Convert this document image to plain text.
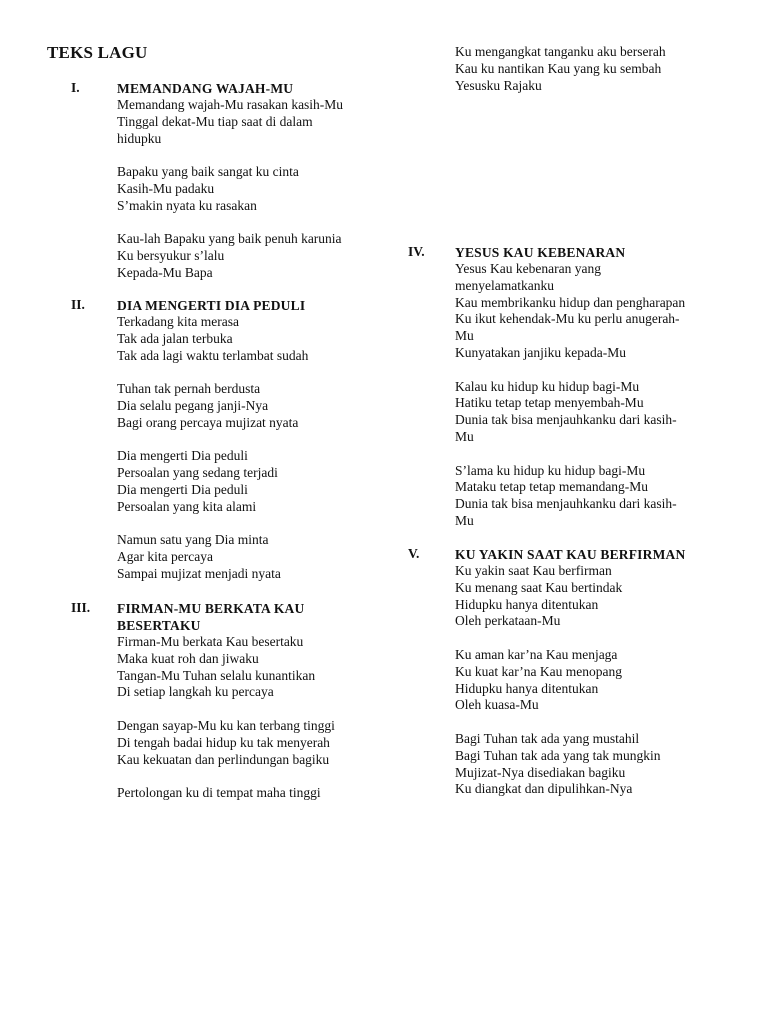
TEKS LAGU
I.	MEMANDANG WAJAH-MU
Memandang wajah-Mu rasakan kasih-Mu
Tinggal dekat-Mu tiap saat di dalam
hidupku
Bapaku yang baik sangat ku cinta
Kasih-Mu padaku
S’makin nyata ku rasakan
Kau-lah Bapaku yang baik penuh karunia
Ku bersyukur s’lalu
Kepada-Mu Bapa
II. DIA MENGERTI DIA PEDULI
Terkadang kita merasa
Tak ada jalan terbuka
Tak ada lagi waktu terlambat sudah
Tuhan tak pernah berdusta
Dia selalu pegang janji-Nya
Bagi orang percaya mujizat nyata
Dia mengerti Dia peduli
Persoalan yang sedang terjadi
Dia mengerti Dia peduli
Persoalan yang kita alami
Namun satu yang Dia minta
Agar kita percaya
Sampai mujizat menjadi nyata
III. FIRMAN-MU BERKATA KAU
BESERTAKU
Firman-Mu berkata Kau besertaku
Maka kuat roh dan jiwaku
Tangan-Mu Tuhan selalu kunantikan
Di setiap langkah ku percaya
Dengan sayap-Mu ku kan terbang tinggi
Di tengah badai hidup ku tak menyerah
Kau kekuatan dan perlindungan bagiku
Pertolongan ku di tempat maha tinggi
Ku mengangkat tanganku aku berserah
Kau ku nantikan Kau yang ku sembah
Yesusku Rajaku
IV. YESUS KAU KEBENARAN
Yesus Kau kebenaran yang
menyelamatkanku
Kau membrikanku hidup dan pengharapan
Ku ikut kehendak-Mu ku perlu anugerah-
Mu
Kunyatakan janjiku kepada-Mu
Kalau ku hidup ku hidup bagi-Mu
Hatiku tetap tetap menyembah-Mu
Dunia tak bisa menjauhkanku dari kasih-
Mu
S’lama ku hidup ku hidup bagi-Mu
Mataku tetap tetap memandang-Mu
Dunia tak bisa menjauhkanku dari kasih-
Mu
V.	KU YAKIN SAAT KAU BERFIRMAN
Ku yakin saat Kau berfirman
Ku menang saat Kau bertindak
Hidupku hanya ditentukan
Oleh perkataan-Mu
Ku aman kar’na Kau menjaga
Ku kuat kar’na Kau menopang
Hidupku hanya ditentukan
Oleh kuasa-Mu
Bagi Tuhan tak ada yang mustahil
Bagi Tuhan tak ada yang tak mungkin
Mujizat-Nya disediakan bagiku
Ku diangkat dan dipulihkan-Nya
